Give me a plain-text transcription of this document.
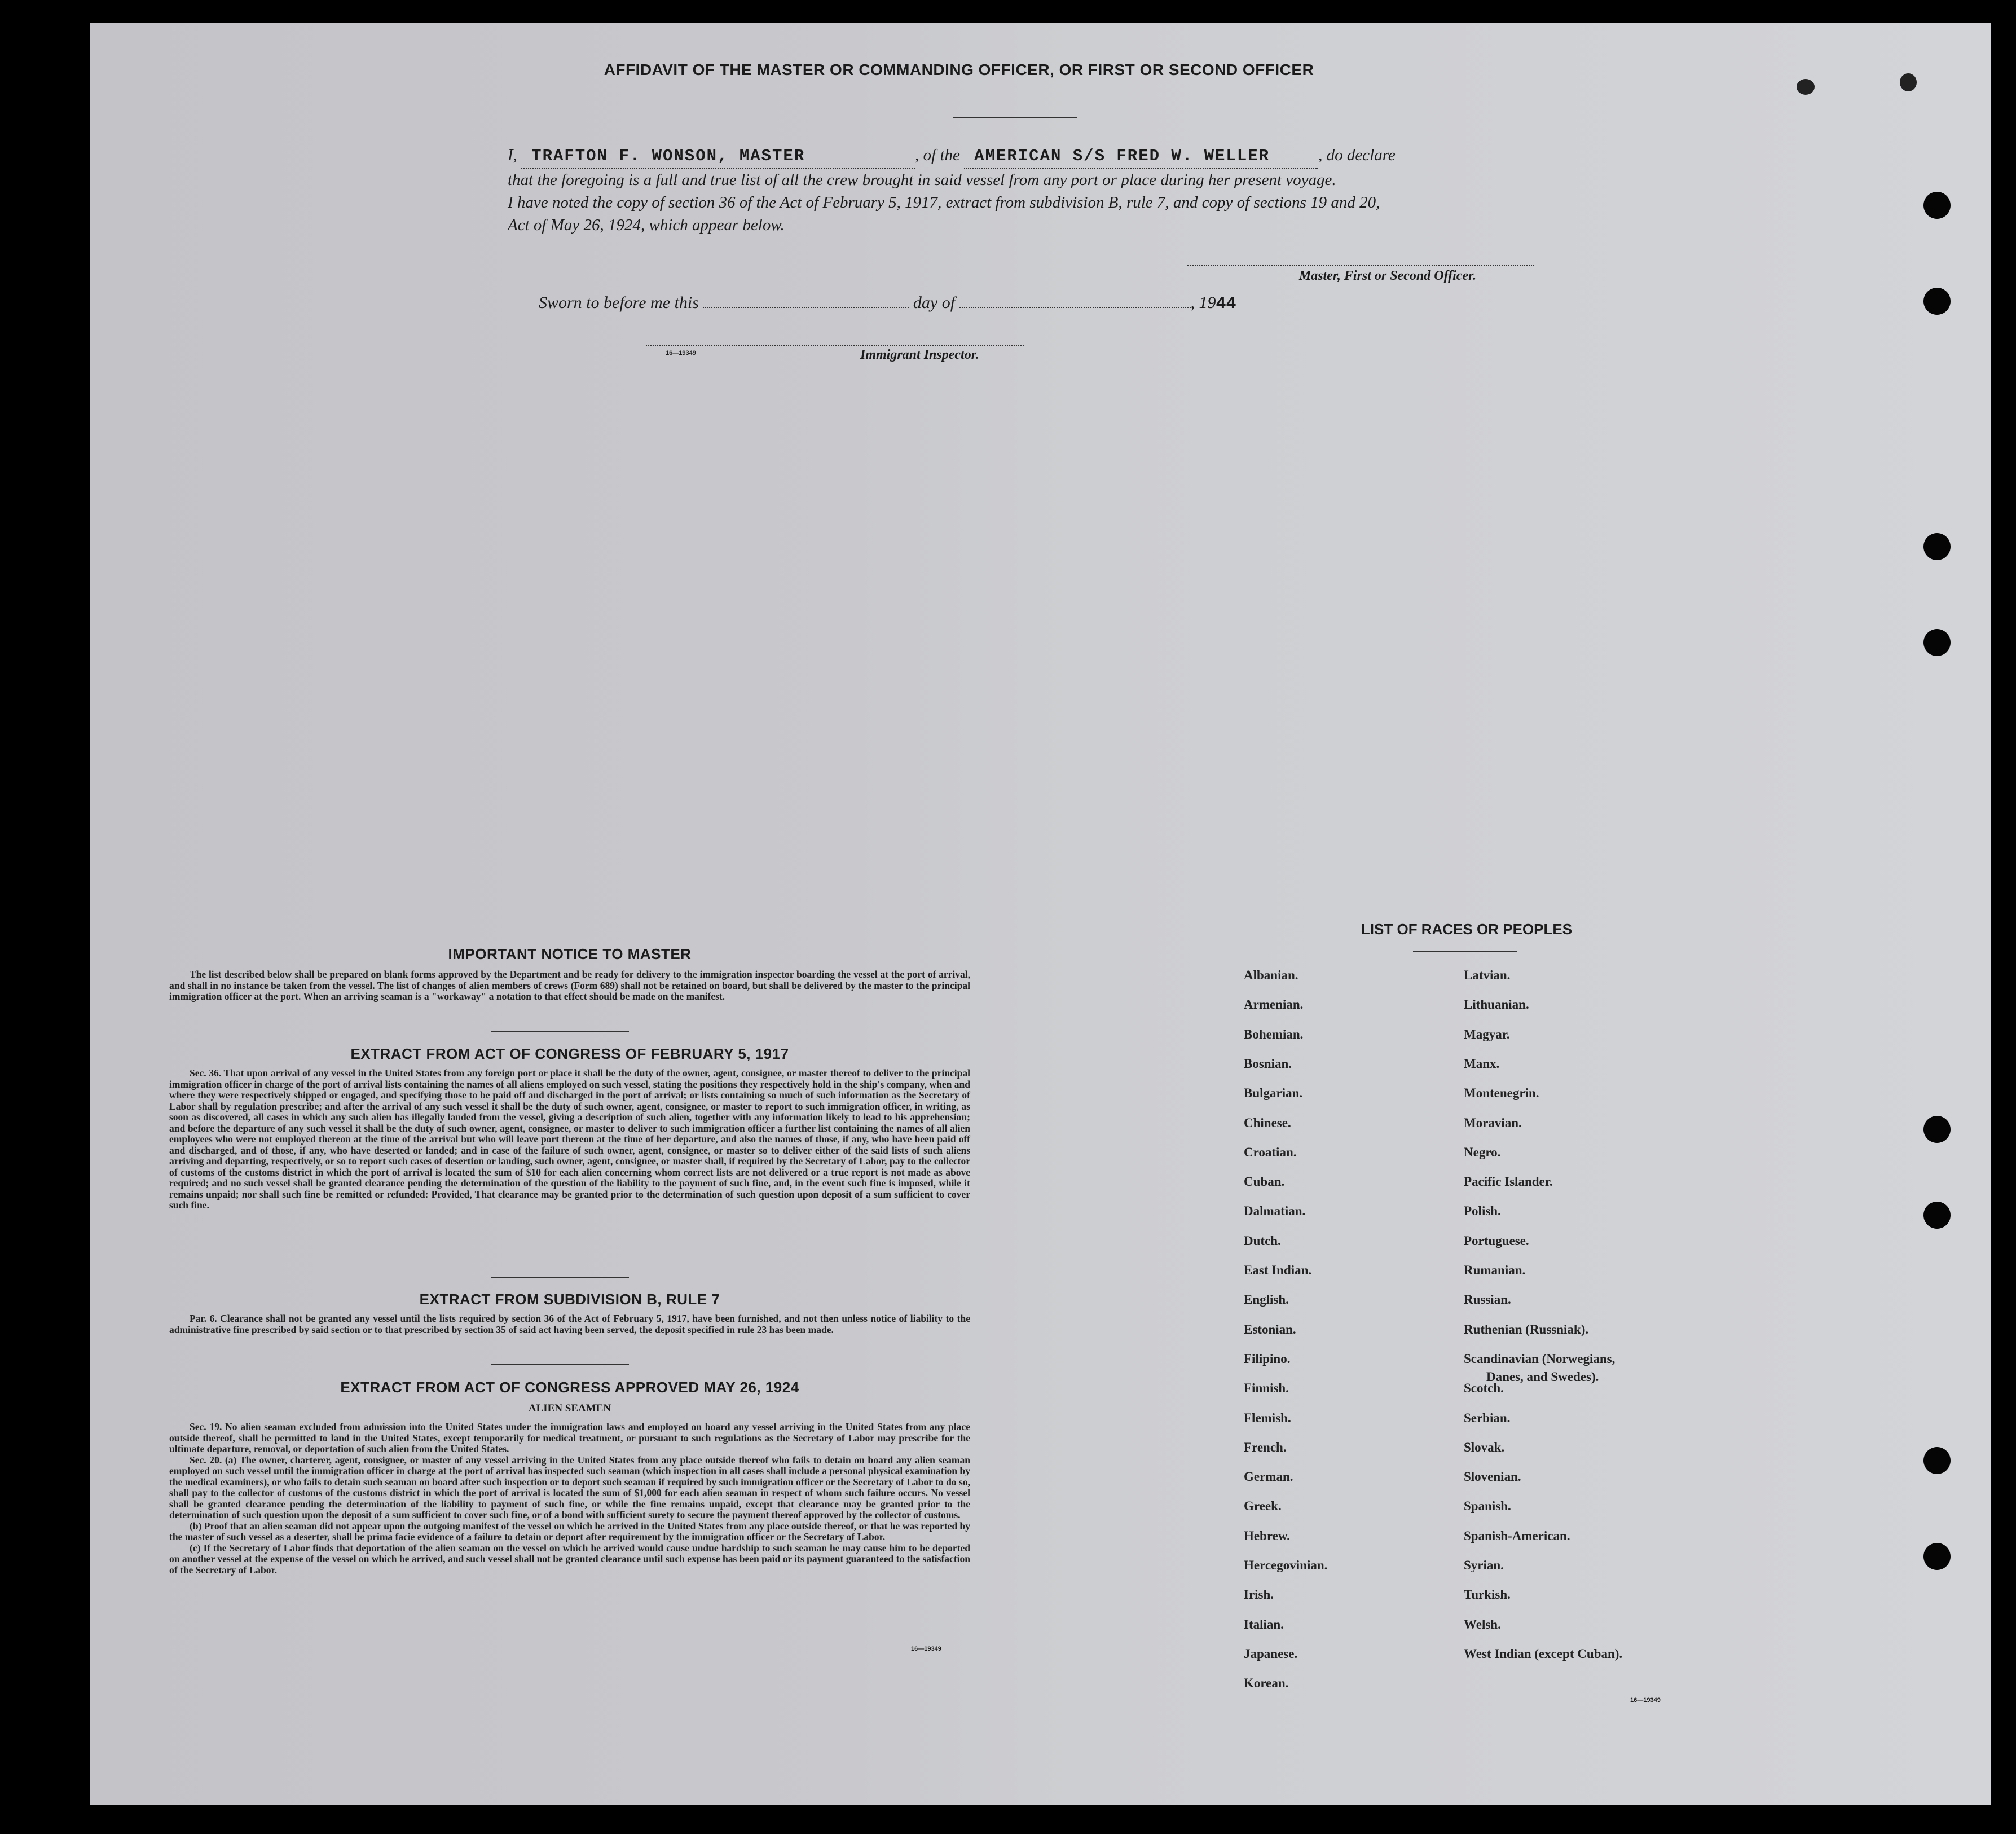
AFFIDAVIT OF THE MASTER OR COMMANDING OFFICER, OR FIRST OR SECOND OFFICER
I, TRAFTON F. WONSON, MASTER	, of the AMERICAN S/S FRED W. WELLER	, do declare
that the foregoing is a full and true list of all the crew brought in said vessel from any port or place during her present voyage.
I have noted the copy of section 36 of the Act of February 5, 1917, extract from subdivision B, rule 7, and copy of sections 19 and 20,
Act of May 26, 1924, which appear below.
Master, First or Second Officer.
Sworn to before me this	day of	, 1944
16—19349	Immigrant Inspector.
IMPORTANT NOTICE TO MASTER

The list described below shall be prepared on blank forms approved by the Department and be ready for delivery to the immigration inspector boarding the vessel at the port of arrival, and shall in no instance be taken from the vessel. The list of changes of alien members of crews (Form 689) shall not be retained on board, but shall be delivered by the master to the principal immigration officer at the port. When an arriving seaman is a "workaway" a notation to that effect should be made on the manifest.

EXTRACT FROM ACT OF CONGRESS OF FEBRUARY 5, 1917

Sec. 36. That upon arrival of any vessel in the United States from any foreign port or place it shall be the duty of the owner, agent, consignee, or master thereof to deliver to the principal immigration officer in charge of the port of arrival lists containing the names of all aliens employed on such vessel, stating the positions they respectively hold in the ship's company, when and where they were respectively shipped or engaged, and specifying those to be paid off and discharged in the port of arrival; or lists containing so much of such information as the Secretary of Labor shall by regulation prescribe; and after the arrival of any such vessel it shall be the duty of such owner, agent, consignee, or master to report to such immigration officer, in writing, as soon as discovered, all cases in which any such alien has illegally landed from the vessel, giving a description of such alien, together with any information likely to lead to his apprehension; and before the departure of any such vessel it shall be the duty of such owner, agent, consignee, or master to deliver to such immigration officer a further list containing the names of all alien employees who were not employed thereon at the time of the arrival but who will leave port thereon at the time of her departure, and also the names of those, if any, who have been paid off and discharged, and of those, if any, who have deserted or landed; and in case of the failure of such owner, agent, consignee, or master so to deliver either of the said lists of such aliens arriving and departing, respectively, or so to report such cases of desertion or landing, such owner, agent, consignee, or master shall, if required by the Secretary of Labor, pay to the collector of customs of the customs district in which the port of arrival is located the sum of $10 for each alien concerning whom correct lists are not delivered or a true report is not made as above required; and no such vessel shall be granted clearance pending the determination of the question of the liability to the payment of such fine, and, in the event such fine is imposed, while it remains unpaid; nor shall such fine be remitted or refunded: Provided, That clearance may be granted prior to the determination of such question upon deposit of a sum sufficient to cover such fine.

EXTRACT FROM SUBDIVISION B, RULE 7

Par. 6. Clearance shall not be granted any vessel until the lists required by section 36 of the Act of February 5, 1917, have been furnished, and not then unless notice of liability to the administrative fine prescribed by said section or to that prescribed by section 35 of said act having been served, the deposit specified in rule 23 has been made.

EXTRACT FROM ACT OF CONGRESS APPROVED MAY 26, 1924
ALIEN SEAMEN

Sec. 19. No alien seaman excluded from admission into the United States under the immigration laws and employed on board any vessel arriving in the United States from any place outside thereof, shall be permitted to land in the United States, except temporarily for medical treatment, or pursuant to such regulations as the Secretary of Labor may prescribe for the ultimate departure, removal, or deportation of such alien from the United States.

Sec. 20. (a) The owner, charterer, agent, consignee, or master of any vessel arriving in the United States from any place outside thereof who fails to detain on board any alien seaman employed on such vessel until the immigration officer in charge at the port of arrival has inspected such seaman (which inspection in all cases shall include a personal physical examination by the medical examiners), or who fails to detain such seaman on board after such inspection or to deport such seaman if required by such immigration officer or the Secretary of Labor to do so, shall pay to the collector of customs of the customs district in which the port of arrival is located the sum of $1,000 for each alien seaman in respect of whom such failure occurs. No vessel shall be granted clearance pending the determination of the liability to payment of such fine, or while the fine remains unpaid, except that clearance may be granted prior to the determination of such question upon the deposit of a sum sufficient to cover such fine, or of a bond with sufficient surety to secure the payment thereof approved by the collector of customs.

(b) Proof that an alien seaman did not appear upon the outgoing manifest of the vessel on which he arrived in the United States from any place outside thereof, or that he was reported by the master of such vessel as a deserter, shall be prima facie evidence of a failure to detain or deport after requirement by the immigration officer or the Secretary of Labor.

(c) If the Secretary of Labor finds that deportation of the alien seaman on the vessel on which he arrived would cause undue hardship to such seaman he may cause him to be deported on another vessel at the expense of the vessel on which he arrived, and such vessel shall not be granted clearance until such expense has been paid or its payment guaranteed to the satisfaction of the Secretary of Labor.

16—19349
LIST OF RACES OR PEOPLES
Albanian.
Armenian.
Bohemian.
Bosnian.
Bulgarian.
Chinese.
Croatian.
Cuban.
Dalmatian.
Dutch.
East Indian.
English.
Estonian.
Filipino.
Finnish.
Flemish.
French.
German.
Greek.
Hebrew.
Hercegovinian.
Irish.
Italian.
Japanese.
Korean.
Latvian.
Lithuanian.
Magyar.
Manx.
Montenegrin.
Moravian.
Negro.
Pacific Islander.
Polish.
Portuguese.
Rumanian.
Russian.
Ruthenian (Russniak).
Scandinavian (Norwegians,
Danes, and Swedes).
Scotch.
Serbian.
Slovak.
Slovenian.
Spanish.
Spanish-American.
Syrian.
Turkish.
Welsh.
West Indian (except Cuban).
16—19349
